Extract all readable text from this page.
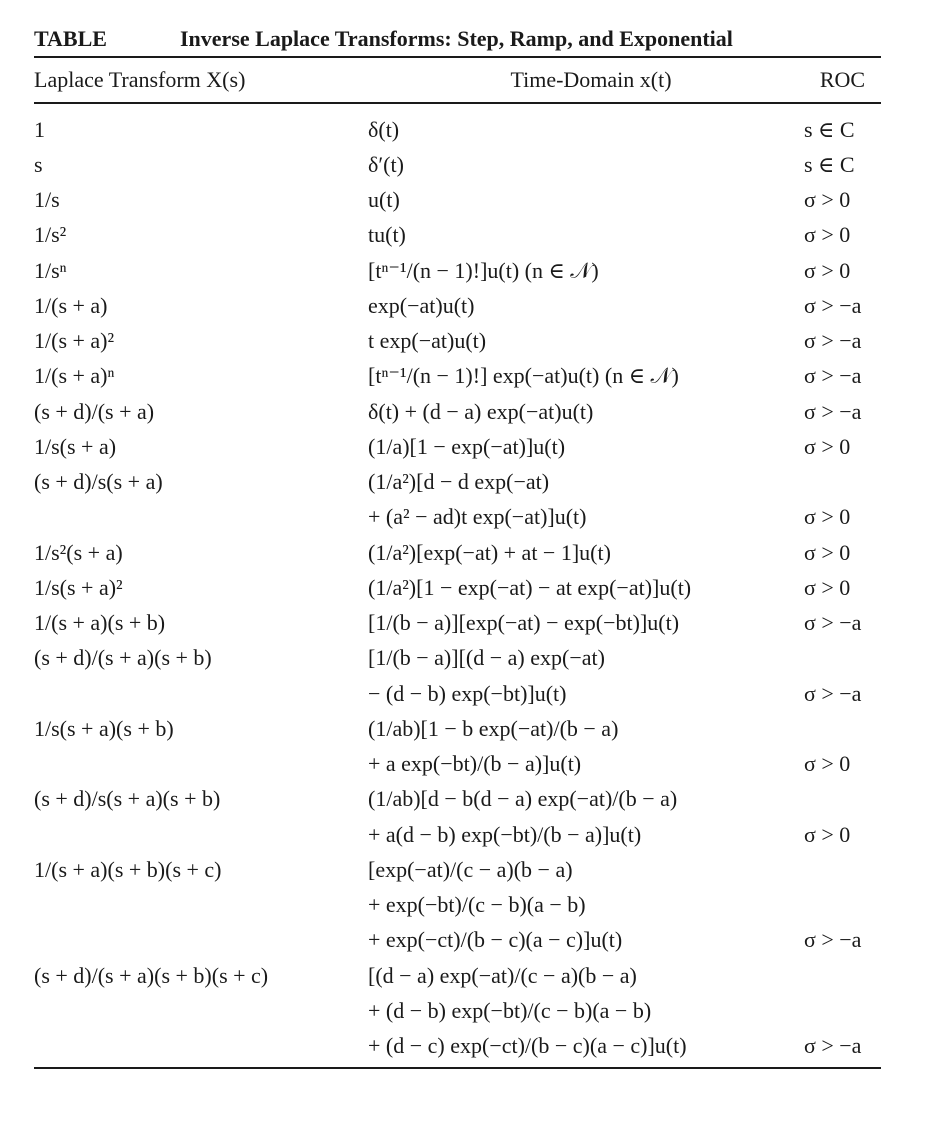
TABLE	Inverse Laplace Transforms: Step, Ramp, and Exponential
Laplace Transform X(s)	Time-Domain x(t)	ROC
1	δ(t)	s ∈ C
s	δ′(t)	s ∈ C
1/s	u(t)	σ > 0
1/s²	tu(t)	σ > 0
1/sⁿ	[tⁿ⁻¹/(n − 1)!]u(t) (n ∈ 𝒩)	σ > 0
1/(s + a)	exp(−at)u(t)	σ > −a
1/(s + a)²	t exp(−at)u(t)	σ > −a
1/(s + a)ⁿ	[tⁿ⁻¹/(n − 1)!] exp(−at)u(t) (n ∈ 𝒩)	σ > −a
(s + d)/(s + a)	δ(t) + (d − a) exp(−at)u(t)	σ > −a
1/s(s + a)	(1/a)[1 − exp(−at)]u(t)	σ > 0
(s + d)/s(s + a)	(1/a²)[d − d exp(−at)
+ (a² − ad)t exp(−at)]u(t)	σ > 0
1/s²(s + a)	(1/a²)[exp(−at) + at − 1]u(t)	σ > 0
1/s(s + a)²	(1/a²)[1 − exp(−at) − at exp(−at)]u(t)	σ > 0
1/(s + a)(s + b)	[1/(b − a)][exp(−at) − exp(−bt)]u(t)	σ > −a
(s + d)/(s + a)(s + b)	[1/(b − a)][(d − a) exp(−at)
− (d − b) exp(−bt)]u(t)	σ > −a
1/s(s + a)(s + b)	(1/ab)[1 − b exp(−at)/(b − a)
+ a exp(−bt)/(b − a)]u(t)	σ > 0
(s + d)/s(s + a)(s + b)	(1/ab)[d − b(d − a) exp(−at)/(b − a)
+ a(d − b) exp(−bt)/(b − a)]u(t)	σ > 0
1/(s + a)(s + b)(s + c)	[exp(−at)/(c − a)(b − a)
+ exp(−bt)/(c − b)(a − b)
+ exp(−ct)/(b − c)(a − c)]u(t)	σ > −a
(s + d)/(s + a)(s + b)(s + c)	[(d − a) exp(−at)/(c − a)(b − a)
+ (d − b) exp(−bt)/(c − b)(a − b)
+ (d − c) exp(−ct)/(b − c)(a − c)]u(t)	σ > −a
